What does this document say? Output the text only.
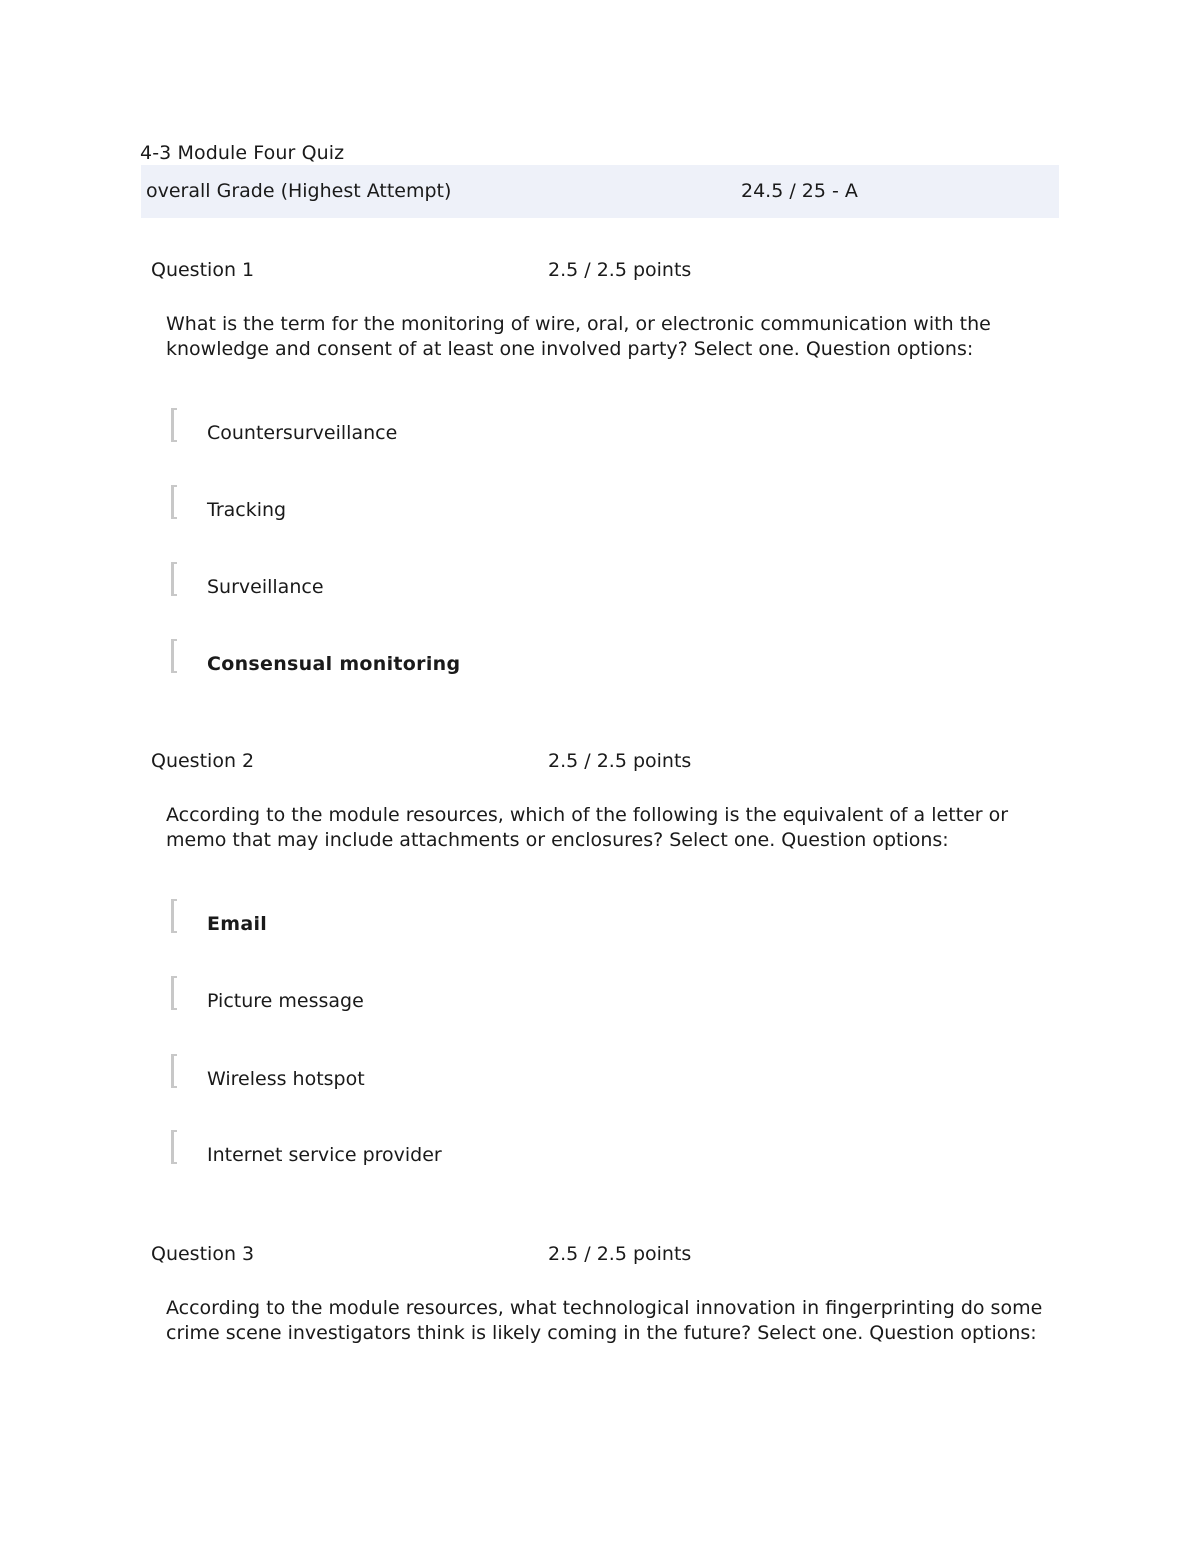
4-3 Module Four Quiz
overall Grade (Highest Attempt)	24.5 / 25 - A
Question 1	2.5 / 2.5 points
What is the term for the monitoring of wire, oral, or electronic communication with the knowledge and consent of at least one involved party? Select one. Question options:
Countersurveillance
Tracking
Surveillance
Consensual monitoring
Question 2	2.5 / 2.5 points
According to the module resources, which of the following is the equivalent of a letter or memo that may include attachments or enclosures? Select one. Question options:
Email
Picture message
Wireless hotspot
Internet service provider
Question 3	2.5 / 2.5 points
According to the module resources, what technological innovation in fingerprinting do some crime scene investigators think is likely coming in the future? Select one. Question options:
